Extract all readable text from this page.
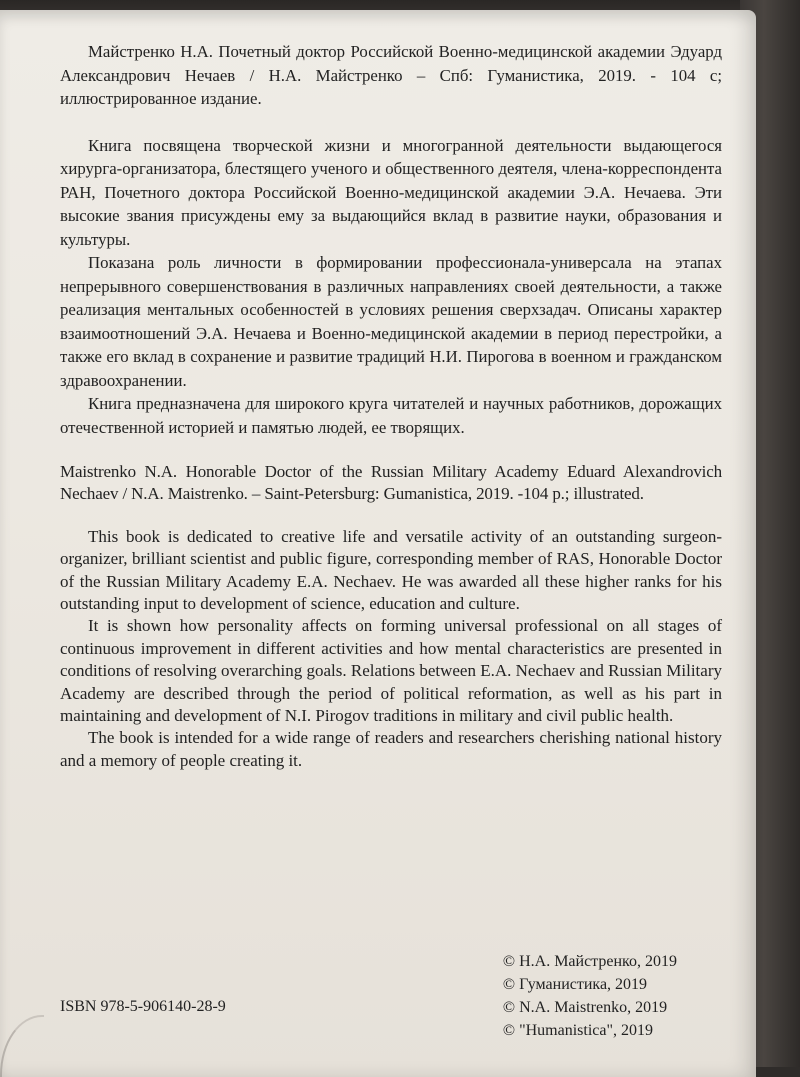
Майстренко Н.А. Почетный доктор Российской Военно-медицинской академии Эдуард Александрович Нечаев / Н.А. Майстренко – Спб: Гуманистика, 2019. - 104 с; иллюстрированное издание.

Книга посвящена творческой жизни и многогранной деятельности выдающегося хирурга-организатора, блестящего ученого и общественного деятеля, члена-корреспондента РАН, Почетного доктора Российской Военно-медицинской академии Э.А. Нечаева. Эти высокие звания присуждены ему за выдающийся вклад в развитие науки, образования и культуры.

Показана роль личности в формировании профессионала-универсала на этапах непрерывного совершенствования в различных направлениях своей деятельности, а также реализация ментальных особенностей в условиях решения сверхзадач. Описаны характер взаимоотношений Э.А. Нечаева и Военно-медицинской академии в период перестройки, а также его вклад в сохранение и развитие традиций Н.И. Пирогова в военном и гражданском здравоохранении.

Книга предназначена для широкого круга читателей и научных работников, дорожащих отечественной историей и памятью людей, ее творящих.

Maistrenko N.A. Honorable Doctor of the Russian Military Academy Eduard Alexandrovich Nechaev / N.A. Maistrenko. – Saint-Petersburg: Gumanistica, 2019. -104 p.; illustrated.

This book is dedicated to creative life and versatile activity of an outstanding surgeon-organizer, brilliant scientist and public figure, corresponding member of RAS, Honorable Doctor of the Russian Military Academy E.A. Nechaev. He was awarded all these higher ranks for his outstanding input to development of science, education and culture.

It is shown how personality affects on forming universal professional on all stages of continuous improvement in different activities and how mental characteristics are presented in conditions of resolving overarching goals. Relations between E.A. Nechaev and Russian Military Academy are described through the period of political reformation, as well as his part in maintaining and development of N.I. Pirogov traditions in military and civil public health.

The book is intended for a wide range of readers and researchers cherishing national history and a memory of people creating it.

ISBN 978-5-906140-28-9
© Н.А. Майстренко, 2019
© Гуманистика, 2019
© N.A. Maistrenko, 2019
© "Humanistica", 2019
